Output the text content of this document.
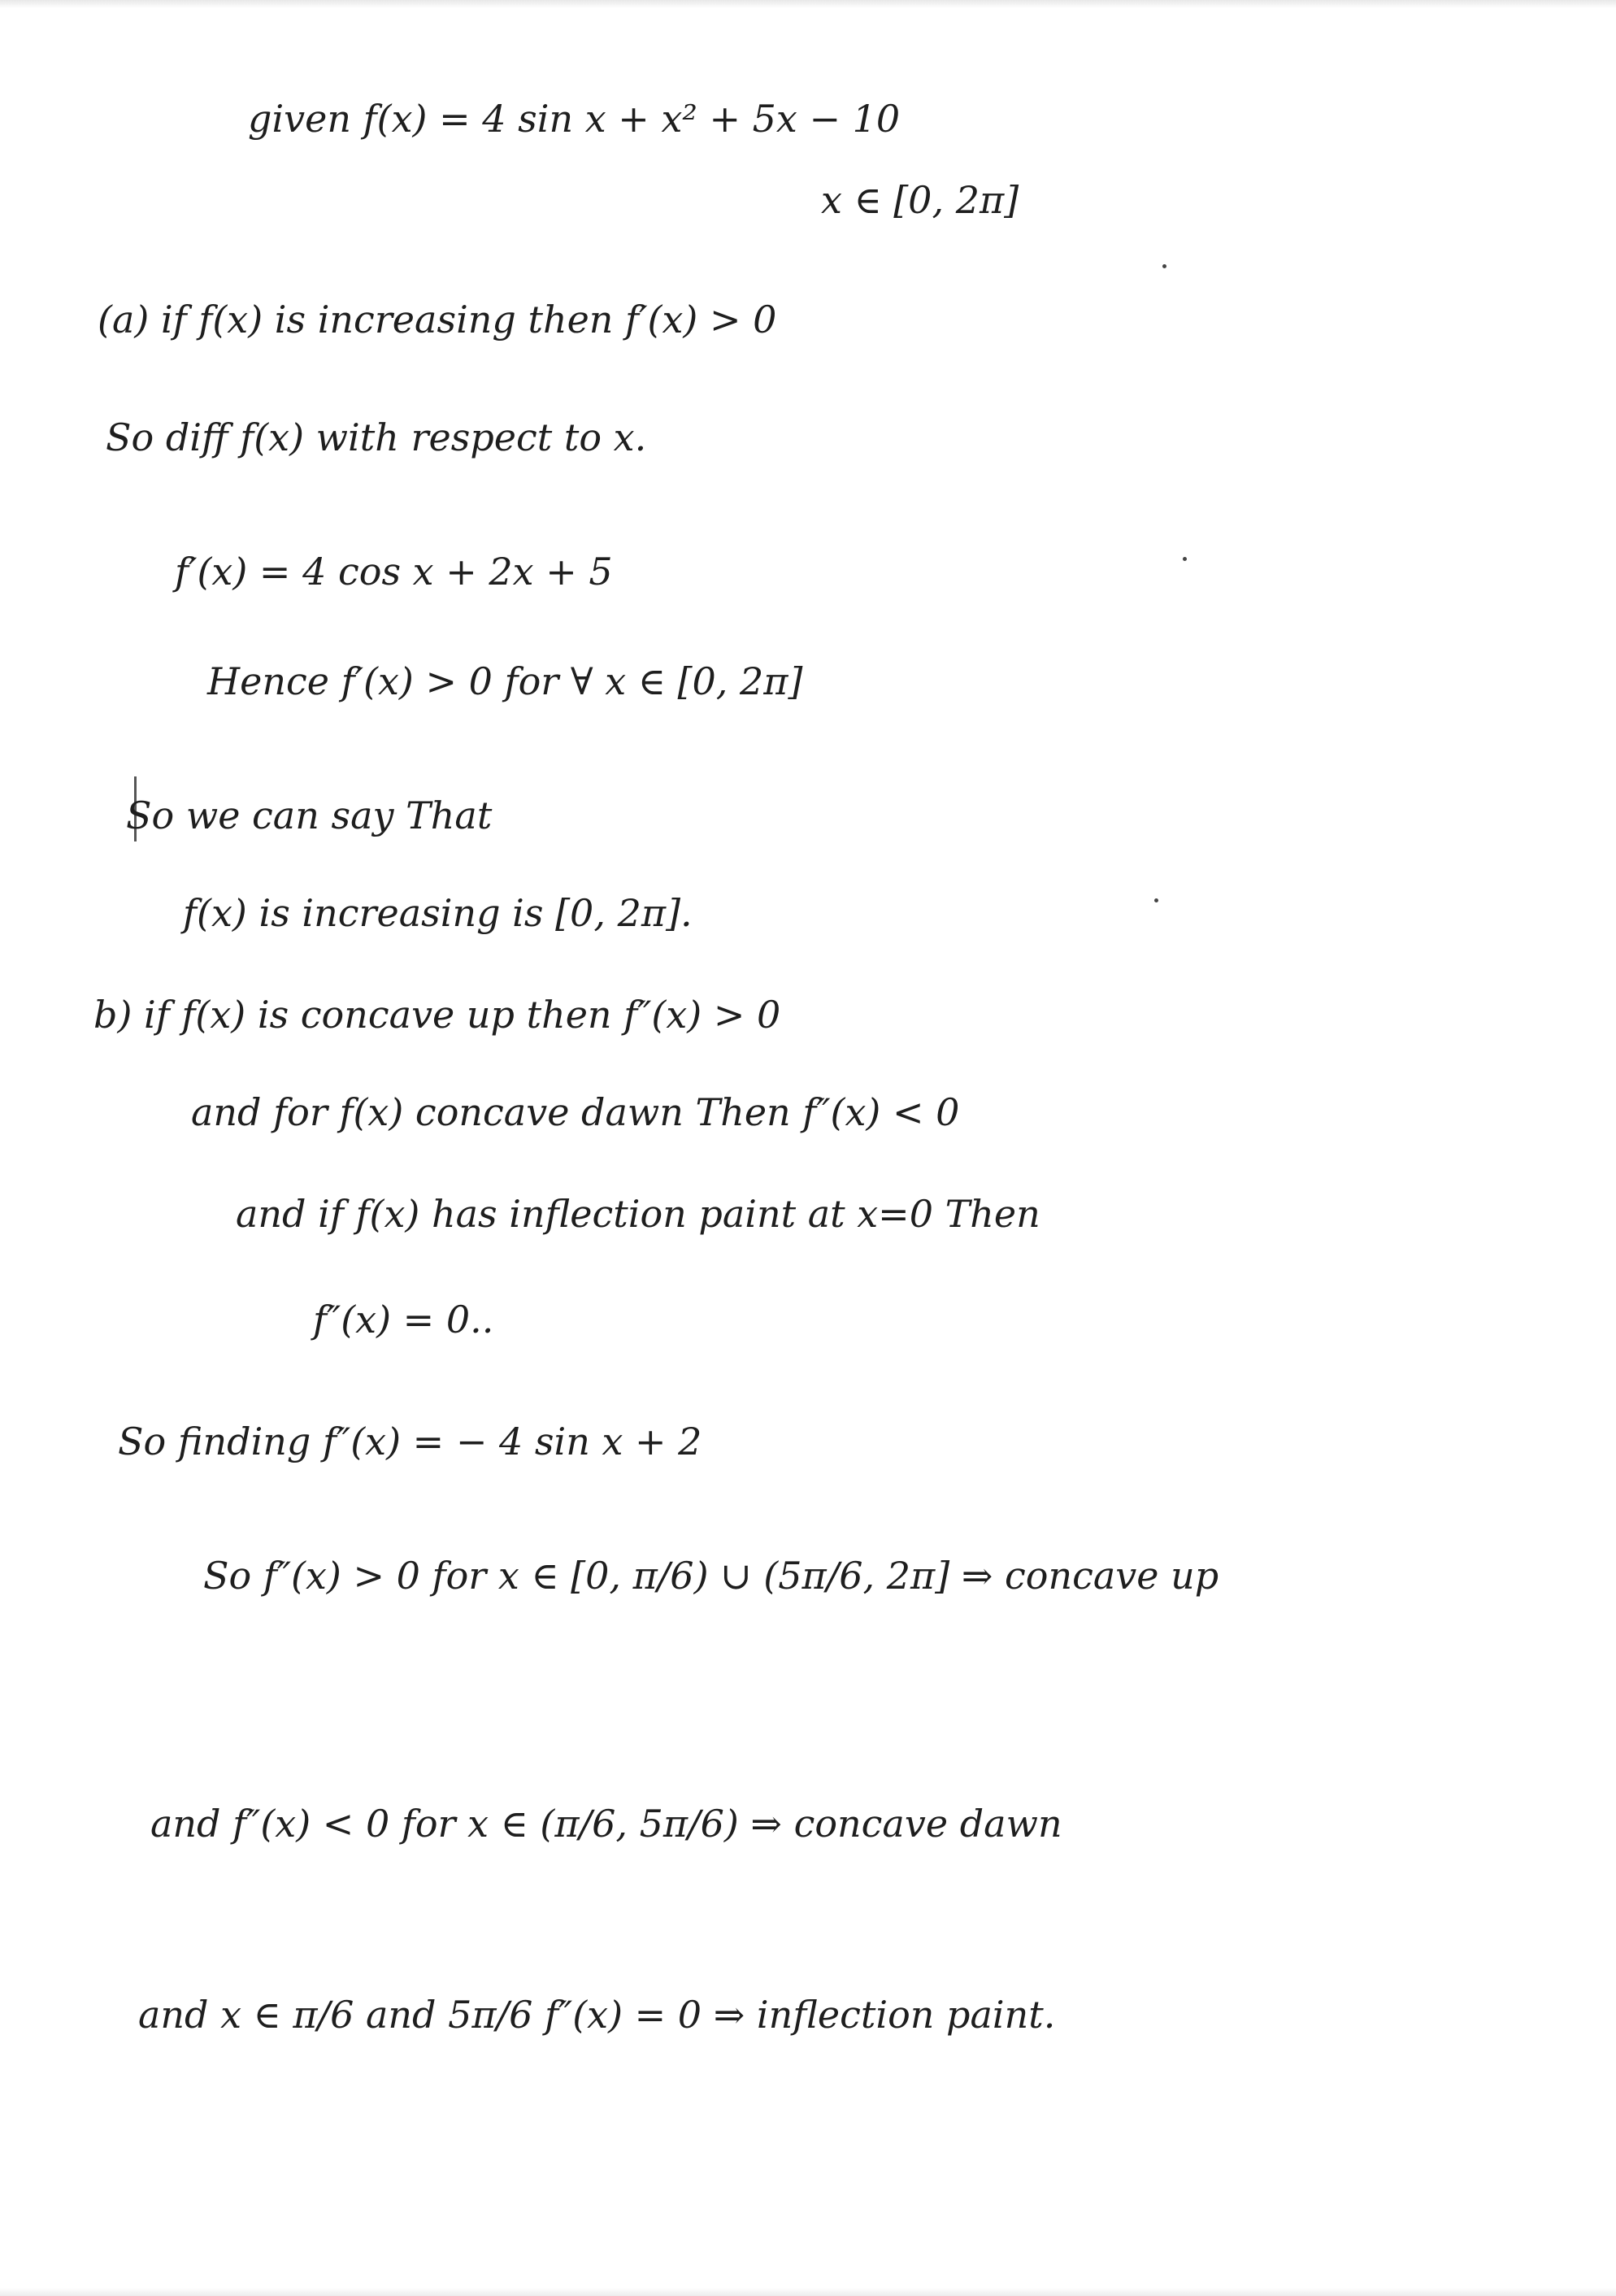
given f(x) = 4 sin x + x² + 5x − 10
x ∈ [0, 2π]
(a) if f(x) is increasing then f′(x) > 0
So diff f(x) with respect to x.
f′(x) = 4 cos x + 2x + 5
Hence f′(x) > 0 for ∀ x ∈ [0, 2π]
So we can say That
f(x) is increasing is [0, 2π].
b) if f(x) is concave up then f″(x) > 0
and for f(x) concave dawn Then f″(x) < 0
and if f(x) has inflection paint at x=0 Then
f″(x) = 0..
So finding f″(x) = − 4 sin x + 2
So f″(x) > 0 for x ∈ [0, π/6) ∪ (5π/6, 2π] ⇒ concave up
and f″(x) < 0 for x ∈ (π/6, 5π/6) ⇒ concave dawn
and x ∈ π/6 and 5π/6 f″(x) = 0 ⇒ inflection paint.
